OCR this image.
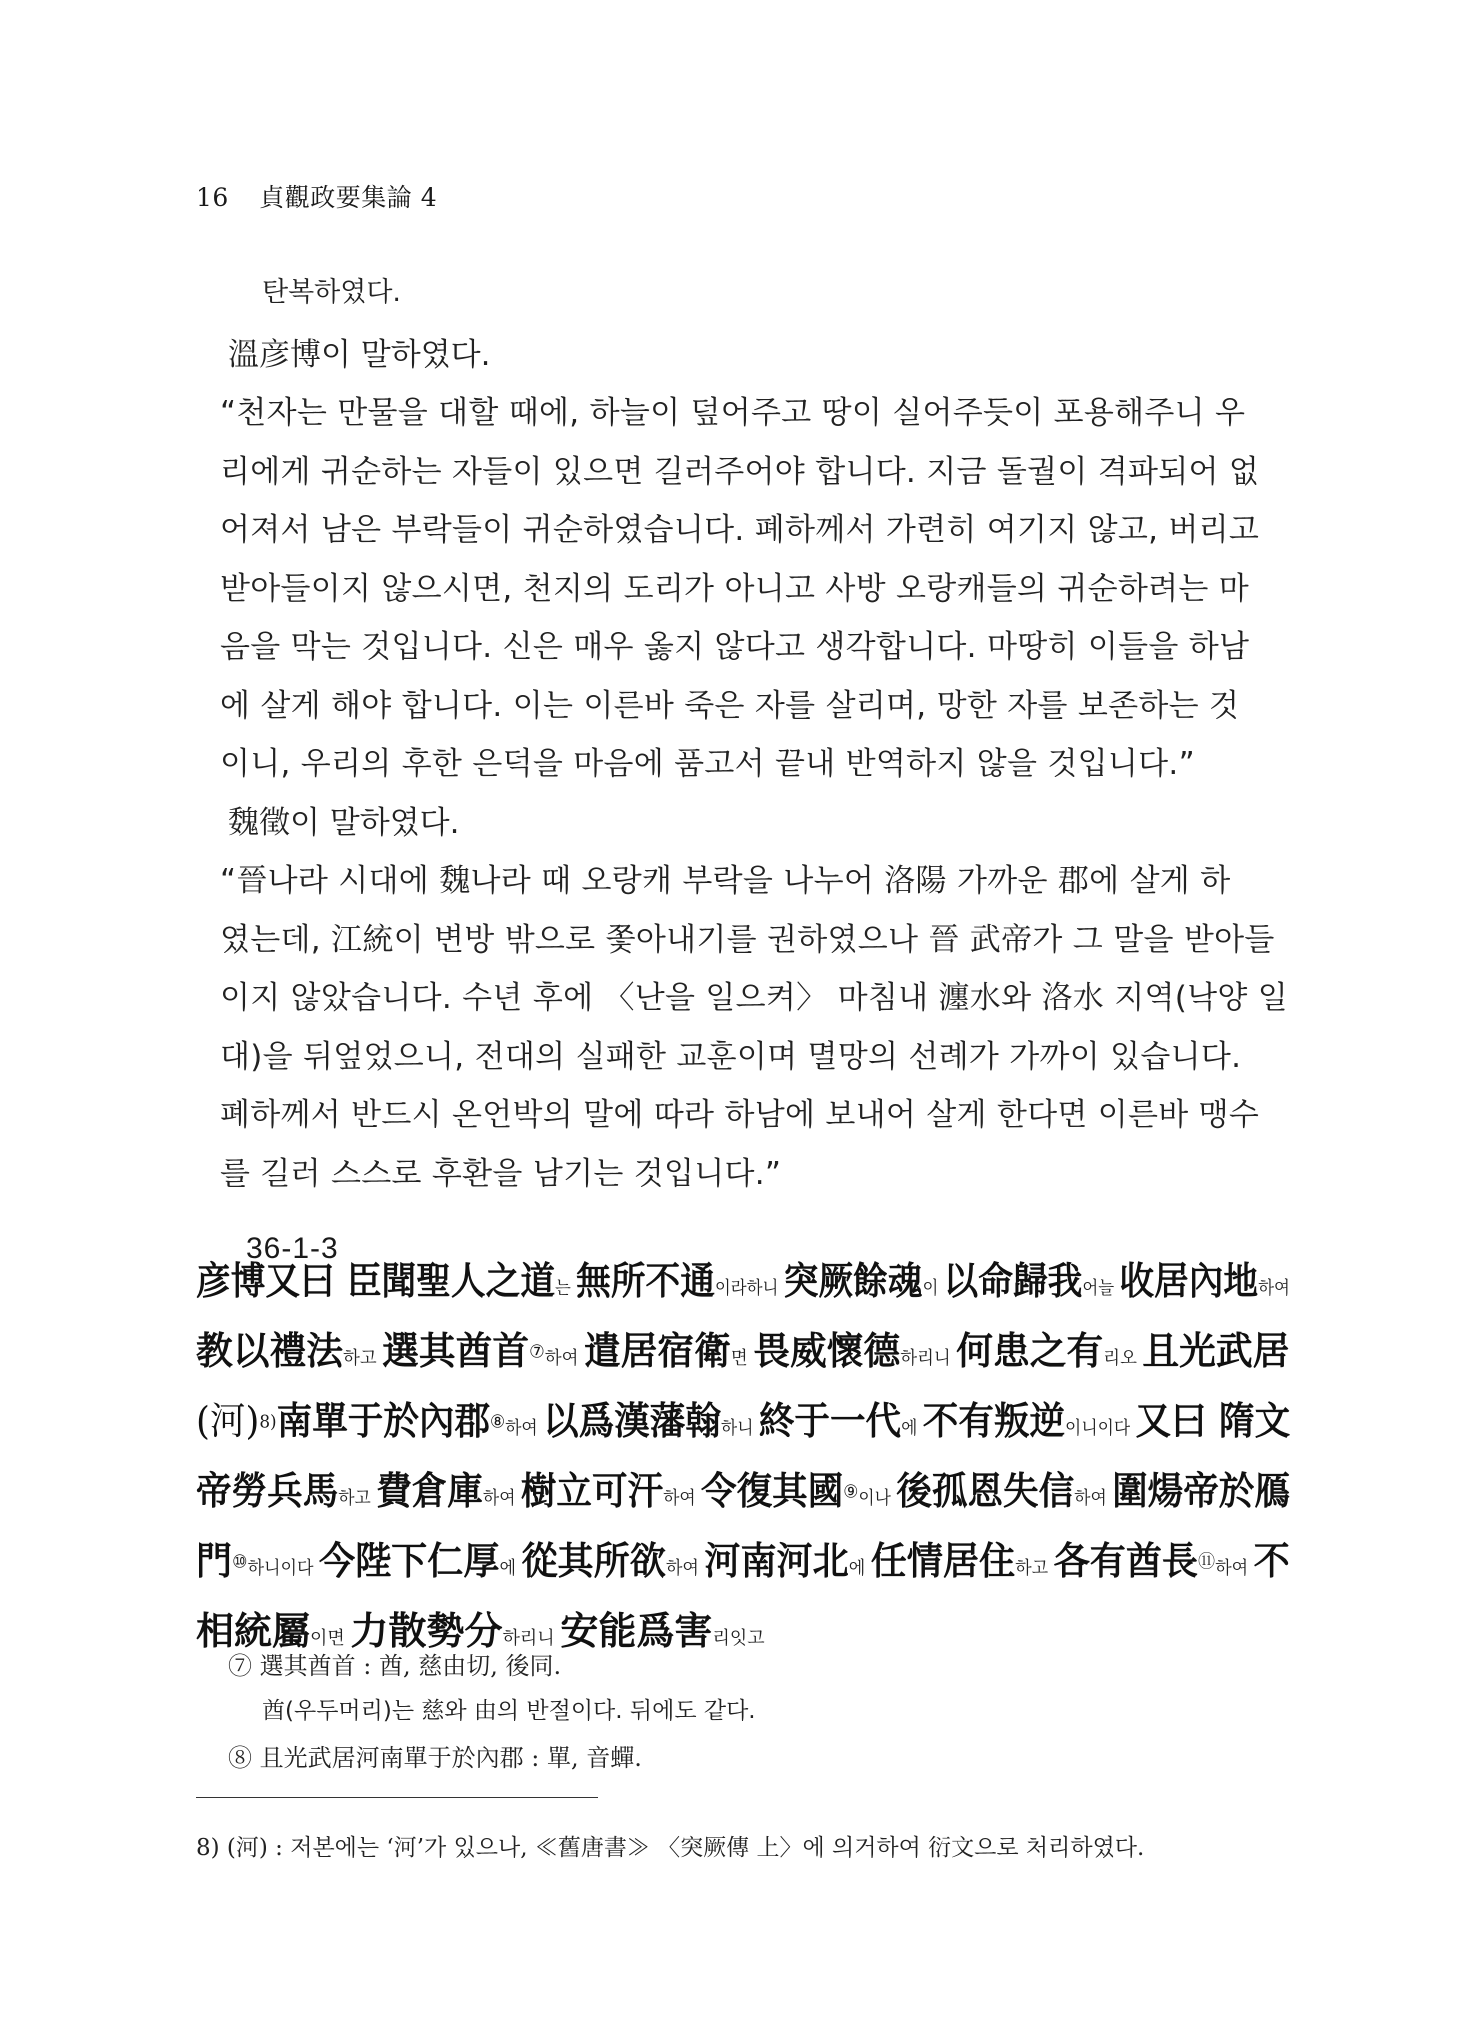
16 貞觀政要集論 4
탄복하였다.
溫彦博이 말하였다.
“천자는 만물을 대할 때에, 하늘이 덮어주고 땅이 실어주듯이 포용해주니 우
리에게 귀순하는 자들이 있으면 길러주어야 합니다. 지금 돌궐이 격파되어 없
어져서 남은 부락들이 귀순하였습니다. 폐하께서 가련히 여기지 않고, 버리고
받아들이지 않으시면, 천지의 도리가 아니고 사방 오랑캐들의 귀순하려는 마
음을 막는 것입니다. 신은 매우 옳지 않다고 생각합니다. 마땅히 이들을 하남
에 살게 해야 합니다. 이는 이른바 죽은 자를 살리며, 망한 자를 보존하는 것
이니, 우리의 후한 은덕을 마음에 품고서 끝내 반역하지 않을 것입니다.”
魏徵이 말하였다.
“晉나라 시대에 魏나라 때 오랑캐 부락을 나누어 洛陽 가까운 郡에 살게 하
였는데, 江統이 변방 밖으로 쫓아내기를 권하였으나 晉 武帝가 그 말을 받아들
이지 않았습니다. 수년 후에 〈난을 일으켜〉 마침내 瀍水와 洛水 지역(낙양 일
대)을 뒤엎었으니, 전대의 실패한 교훈이며 멸망의 선례가 가까이 있습니다.
폐하께서 반드시 온언박의 말에 따라 하남에 보내어 살게 한다면 이른바 맹수
를 길러 스스로 후환을 남기는 것입니다.”
36-1-3
彦博又曰 臣聞聖人之道는 無所不通이라하니 突厥餘魂이 以命歸我어늘 收居內地하여
教以禮法하고 選其酋首⑦하여 遣居宿衛면 畏威懷德하리니 何患之有리오 且光武居
(河)8)南單于於內郡⑧하여 以爲漢藩翰하니 終于一代에 不有叛逆이니이다 又曰 隋文
帝勞兵馬하고 費倉庫하여 樹立可汗하여 令復其國⑨이나 後孤恩失信하여 圍煬帝於鴈
門⑩하니이다 今陛下仁厚에 從其所欲하여 河南河北에 任情居住하고 各有酋長⑪하여 不
相統屬이면 力散勢分하리니 安能爲害리잇고
⑦ 選其酋首 : 酋, 慈由切, 後同.
酋(우두머리)는 慈와 由의 반절이다. 뒤에도 같다.
⑧ 且光武居河南單于於內郡 : 單, 音蟬.
8) (河) : 저본에는 ‘河’가 있으나, ≪舊唐書≫ 〈突厥傳 上〉에 의거하여 衍文으로 처리하였다.
